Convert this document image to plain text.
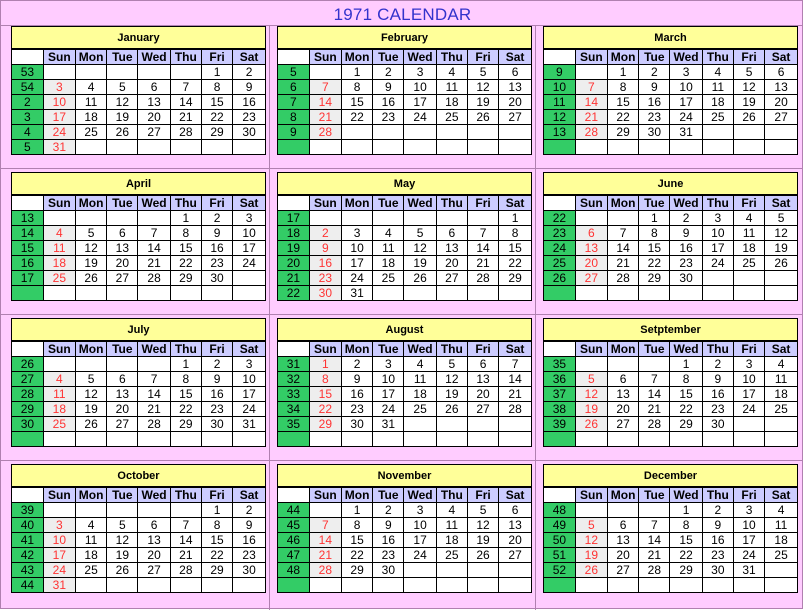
1971 CALENDAR
January
	Sun	Mon	Tue	Wed	Thu	Fri	Sat
53						1	2
54	3	4	5	6	7	8	9
2	10	11	12	13	14	15	16
3	17	18	19	20	21	22	23
4	24	25	26	27	28	29	30
5	31						
February
	Sun	Mon	Tue	Wed	Thu	Fri	Sat
5		1	2	3	4	5	6
6	7	8	9	10	11	12	13
7	14	15	16	17	18	19	20
8	21	22	23	24	25	26	27
9	28						

March
	Sun	Mon	Tue	Wed	Thu	Fri	Sat
9		1	2	3	4	5	6
10	7	8	9	10	11	12	13
11	14	15	16	17	18	19	20
12	21	22	23	24	25	26	27
13	28	29	30	31			

April
	Sun	Mon	Tue	Wed	Thu	Fri	Sat
13					1	2	3
14	4	5	6	7	8	9	10
15	11	12	13	14	15	16	17
16	18	19	20	21	22	23	24
17	25	26	27	28	29	30	

May
	Sun	Mon	Tue	Wed	Thu	Fri	Sat
17							1
18	2	3	4	5	6	7	8
19	9	10	11	12	13	14	15
20	16	17	18	19	20	21	22
21	23	24	25	26	27	28	29
22	30	31					
June
	Sun	Mon	Tue	Wed	Thu	Fri	Sat
22			1	2	3	4	5
23	6	7	8	9	10	11	12
24	13	14	15	16	17	18	19
25	20	21	22	23	24	25	26
26	27	28	29	30			

July
	Sun	Mon	Tue	Wed	Thu	Fri	Sat
26					1	2	3
27	4	5	6	7	8	9	10
28	11	12	13	14	15	16	17
29	18	19	20	21	22	23	24
30	25	26	27	28	29	30	31

August
	Sun	Mon	Tue	Wed	Thu	Fri	Sat
31	1	2	3	4	5	6	7
32	8	9	10	11	12	13	14
33	15	16	17	18	19	20	21
34	22	23	24	25	26	27	28
35	29	30	31				

Setptember
	Sun	Mon	Tue	Wed	Thu	Fri	Sat
35				1	2	3	4
36	5	6	7	8	9	10	11
37	12	13	14	15	16	17	18
38	19	20	21	22	23	24	25
39	26	27	28	29	30		

October
	Sun	Mon	Tue	Wed	Thu	Fri	Sat
39						1	2
40	3	4	5	6	7	8	9
41	10	11	12	13	14	15	16
42	17	18	19	20	21	22	23
43	24	25	26	27	28	29	30
44	31						
November
	Sun	Mon	Tue	Wed	Thu	Fri	Sat
44		1	2	3	4	5	6
45	7	8	9	10	11	12	13
46	14	15	16	17	18	19	20
47	21	22	23	24	25	26	27
48	28	29	30				

December
	Sun	Mon	Tue	Wed	Thu	Fri	Sat
48				1	2	3	4
49	5	6	7	8	9	10	11
50	12	13	14	15	16	17	18
51	19	20	21	22	23	24	25
52	26	27	28	29	30	31	
